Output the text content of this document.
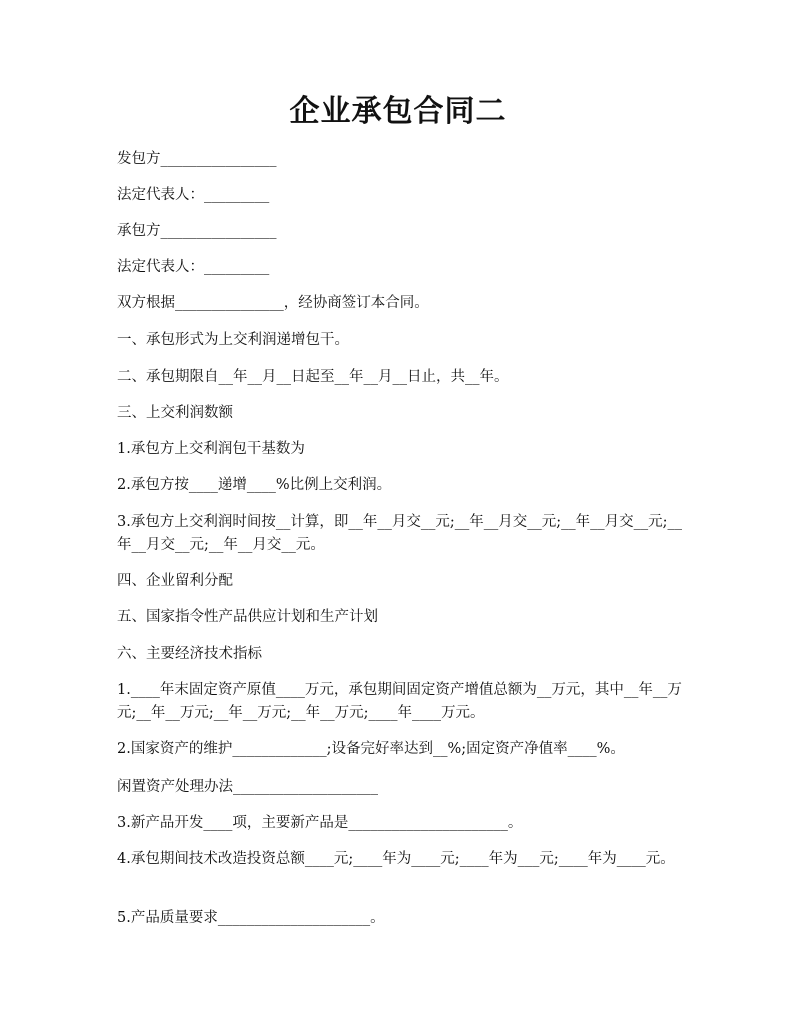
企业承包合同二
发包方________________
法定代表人：_________
承包方________________
法定代表人：_________
双方根据_______________，经协商签订本合同。
一、承包形式为上交利润递增包干。
二、承包期限自__年__月__日起至__年__月__日止，共__年。
三、上交利润数额
1.承包方上交利润包干基数为
2.承包方按____递增____%比例上交利润。
3.承包方上交利润时间按__计算，即__年__月交__元;__年__月交__元;__年__月交__元;__年__月交__元;__年__月交__元。
四、企业留利分配
五、国家指令性产品供应计划和生产计划
六、主要经济技术指标
1.____年末固定资产原值____万元，承包期间固定资产增值总额为__万元，其中__年__万元;__年__万元;__年__万元;__年__万元;____年____万元。
2.国家资产的维护_____________;设备完好率达到__%;固定资产净值率____%。
闲置资产处理办法____________________
3.新产品开发____项，主要新产品是______________________。
4.承包期间技术改造投资总额____元;____年为____元;____年为___元;____年为____元。
5.产品质量要求_____________________。
